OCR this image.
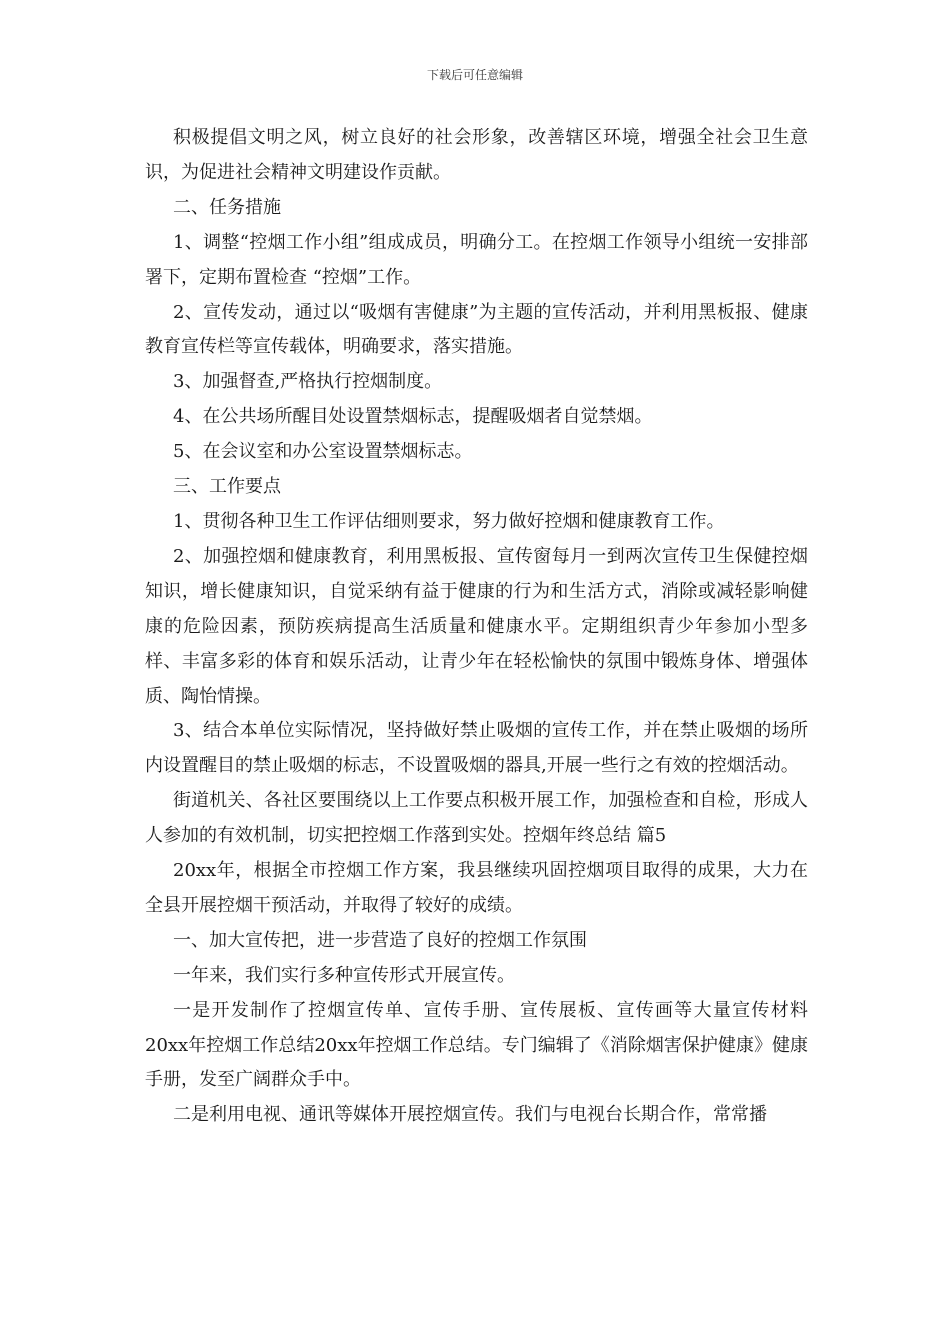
下载后可任意编辑

积极提倡文明之风，树立良好的社会形象，改善辖区环境，增强全社会卫生意识，为促进社会精神文明建设作贡献。

二、任务措施

1、调整“控烟工作小组”组成成员，明确分工。在控烟工作领导小组统一安排部署下，定期布置检查 “控烟”工作。

2、宣传发动，通过以“吸烟有害健康”为主题的宣传活动，并利用黑板报、健康教育宣传栏等宣传载体，明确要求，落实措施。

3、加强督查,严格执行控烟制度。

4、在公共场所醒目处设置禁烟标志，提醒吸烟者自觉禁烟。

5、在会议室和办公室设置禁烟标志。

三、工作要点

1、贯彻各种卫生工作评估细则要求，努力做好控烟和健康教育工作。

2、加强控烟和健康教育，利用黑板报、宣传窗每月一到两次宣传卫生保健控烟知识，增长健康知识，自觉采纳有益于健康的行为和生活方式，消除或减轻影响健康的危险因素，预防疾病提高生活质量和健康水平。定期组织青少年参加小型多样、丰富多彩的体育和娱乐活动，让青少年在轻松愉快的氛围中锻炼身体、增强体质、陶怡情操。

3、结合本单位实际情况，坚持做好禁止吸烟的宣传工作，并在禁止吸烟的场所内设置醒目的禁止吸烟的标志，不设置吸烟的器具,开展一些行之有效的控烟活动。

街道机关、各社区要围绕以上工作要点积极开展工作，加强检查和自检，形成人人参加的有效机制，切实把控烟工作落到实处。控烟年终总结 篇5

20xx年，根据全市控烟工作方案，我县继续巩固控烟项目取得的成果，大力在全县开展控烟干预活动，并取得了较好的成绩。

一、加大宣传把，进一步营造了良好的控烟工作氛围

一年来，我们实行多种宣传形式开展宣传。

一是开发制作了控烟宣传单、宣传手册、宣传展板、宣传画等大量宣传材料20xx年控烟工作总结20xx年控烟工作总结。专门编辑了《消除烟害保护健康》健康手册，发至广阔群众手中。

二是利用电视、通讯等媒体开展控烟宣传。我们与电视台长期合作，常常播
